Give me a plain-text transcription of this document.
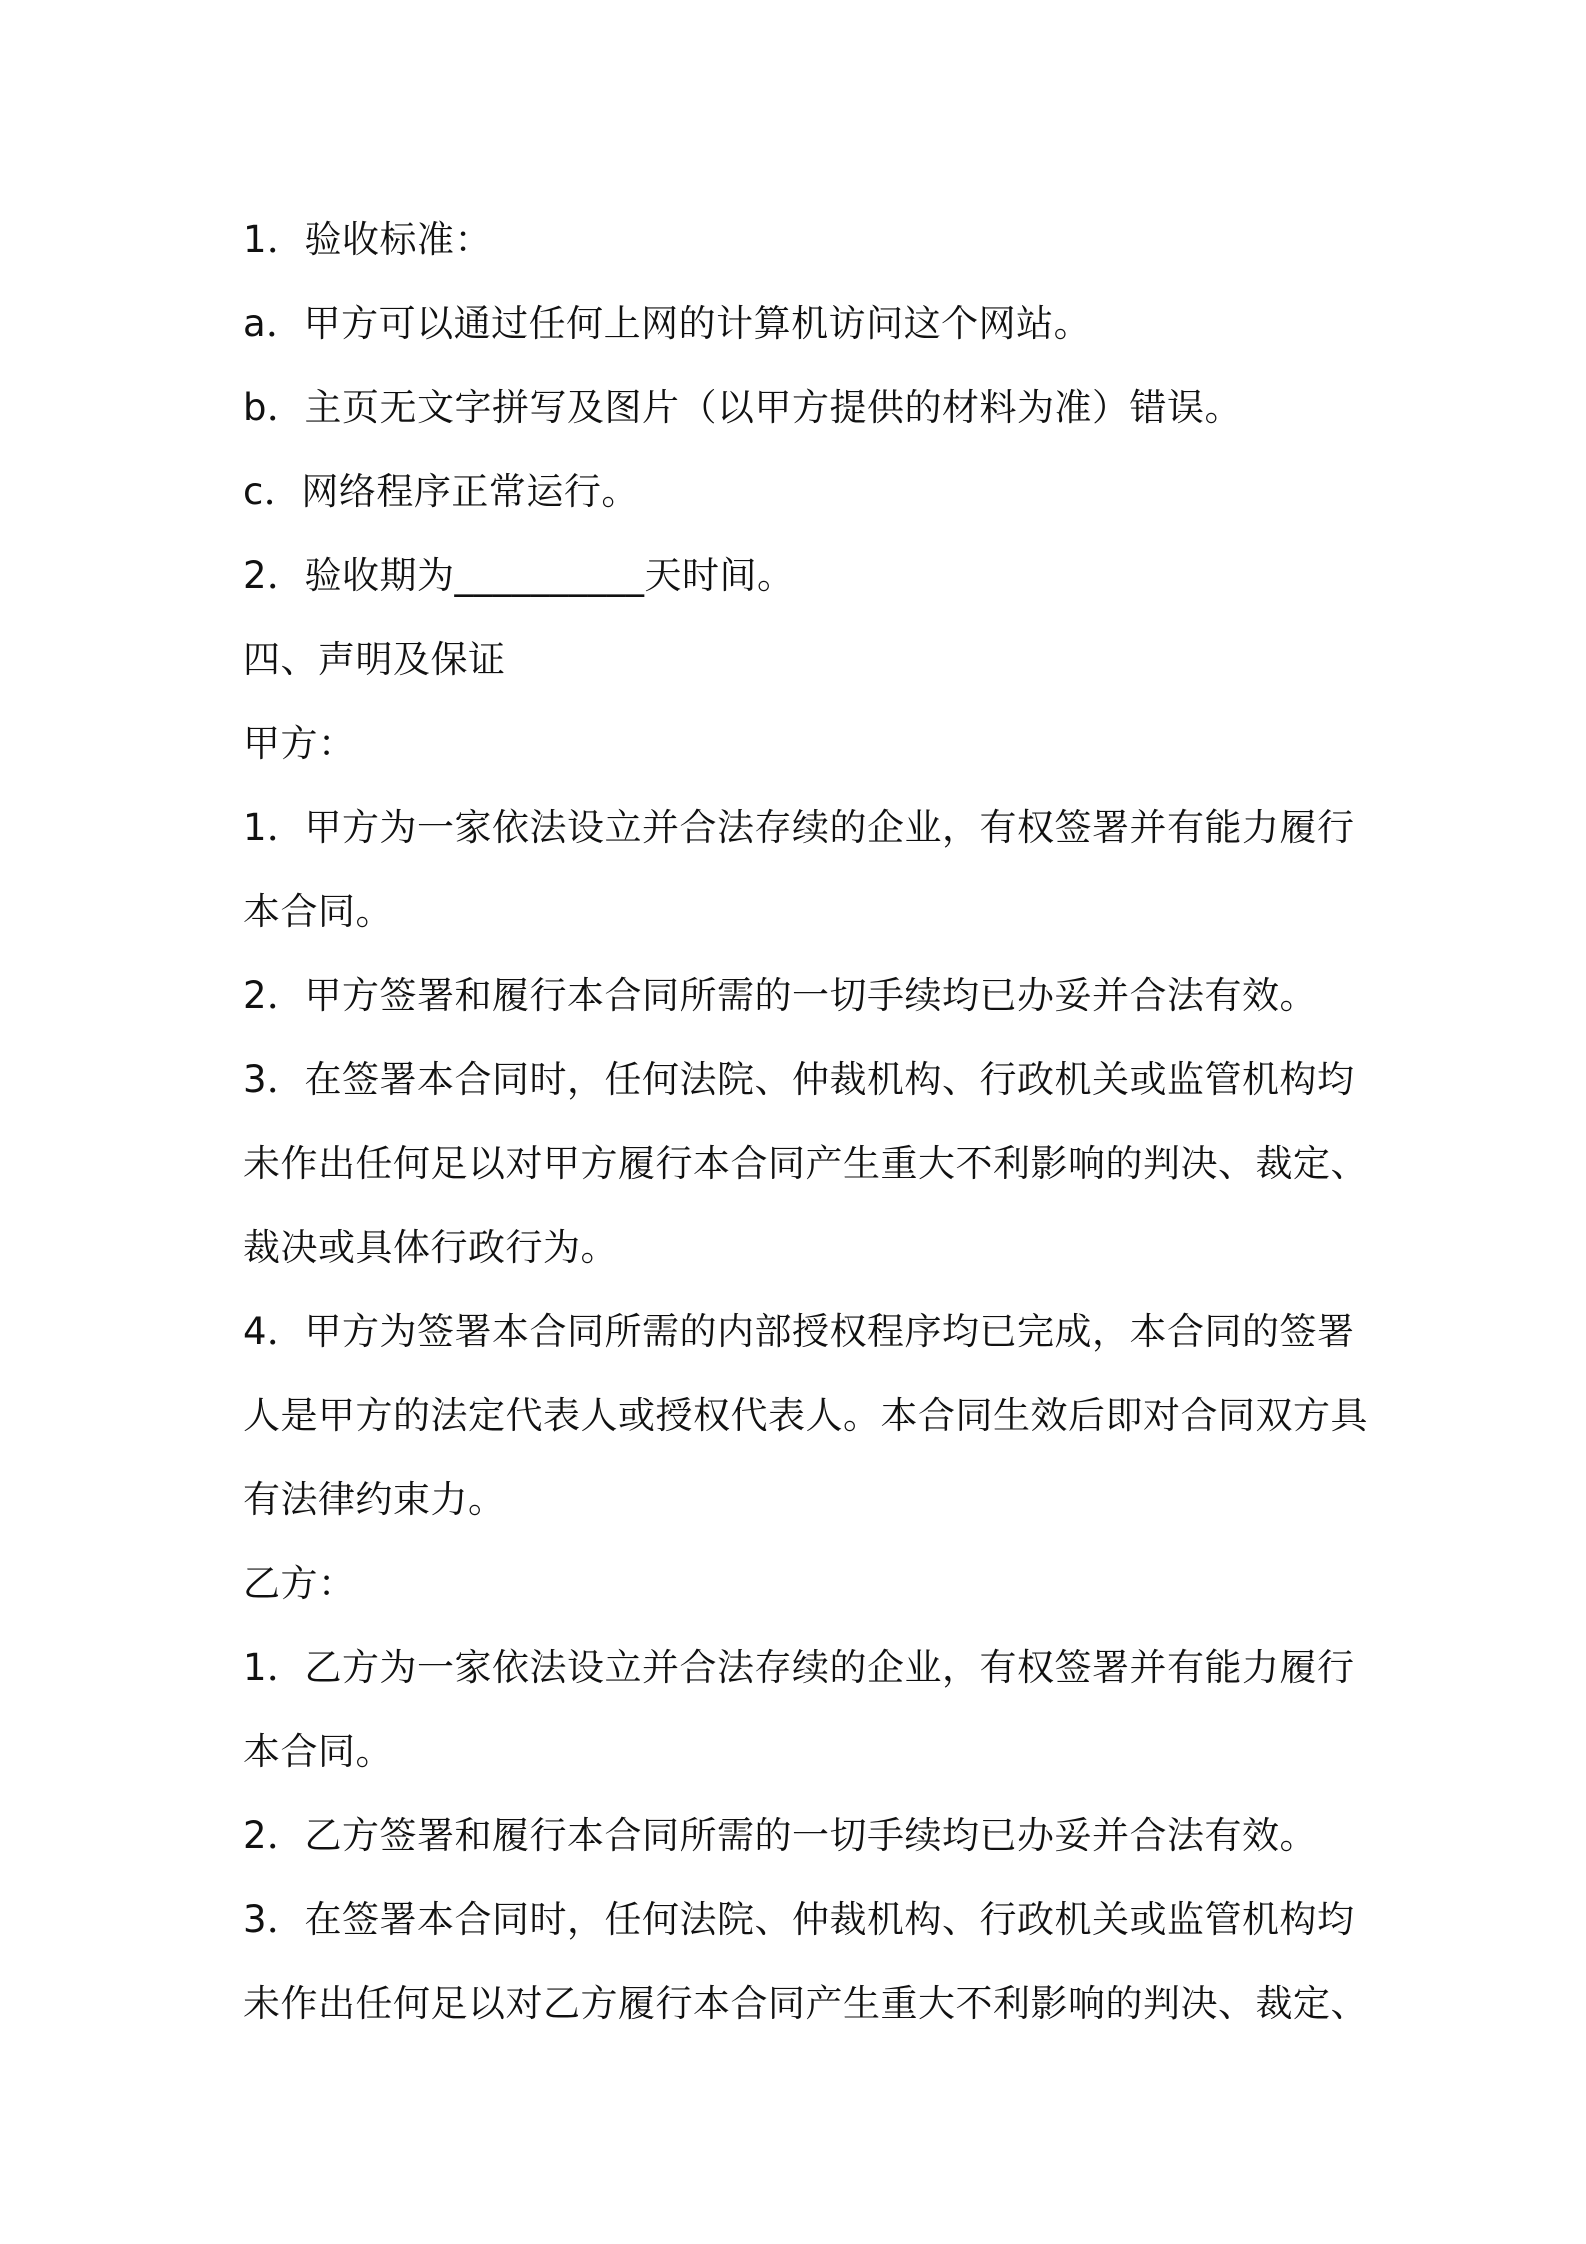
1．验收标准：
a．甲方可以通过任何上网的计算机访问这个网站。
b．主页无文字拼写及图片（以甲方提供的材料为准）错误。
c．网络程序正常运行。
2．验收期为__________天时间。
四、声明及保证
甲方：
1．甲方为一家依法设立并合法存续的企业，有权签署并有能力履行
本合同。
2．甲方签署和履行本合同所需的一切手续均已办妥并合法有效。
3．在签署本合同时，任何法院、仲裁机构、行政机关或监管机构均
未作出任何足以对甲方履行本合同产生重大不利影响的判决、裁定、
裁决或具体行政行为。
4．甲方为签署本合同所需的内部授权程序均已完成，本合同的签署
人是甲方的法定代表人或授权代表人。本合同生效后即对合同双方具
有法律约束力。
乙方：
1．乙方为一家依法设立并合法存续的企业，有权签署并有能力履行
本合同。
2．乙方签署和履行本合同所需的一切手续均已办妥并合法有效。
3．在签署本合同时，任何法院、仲裁机构、行政机关或监管机构均
未作出任何足以对乙方履行本合同产生重大不利影响的判决、裁定、
